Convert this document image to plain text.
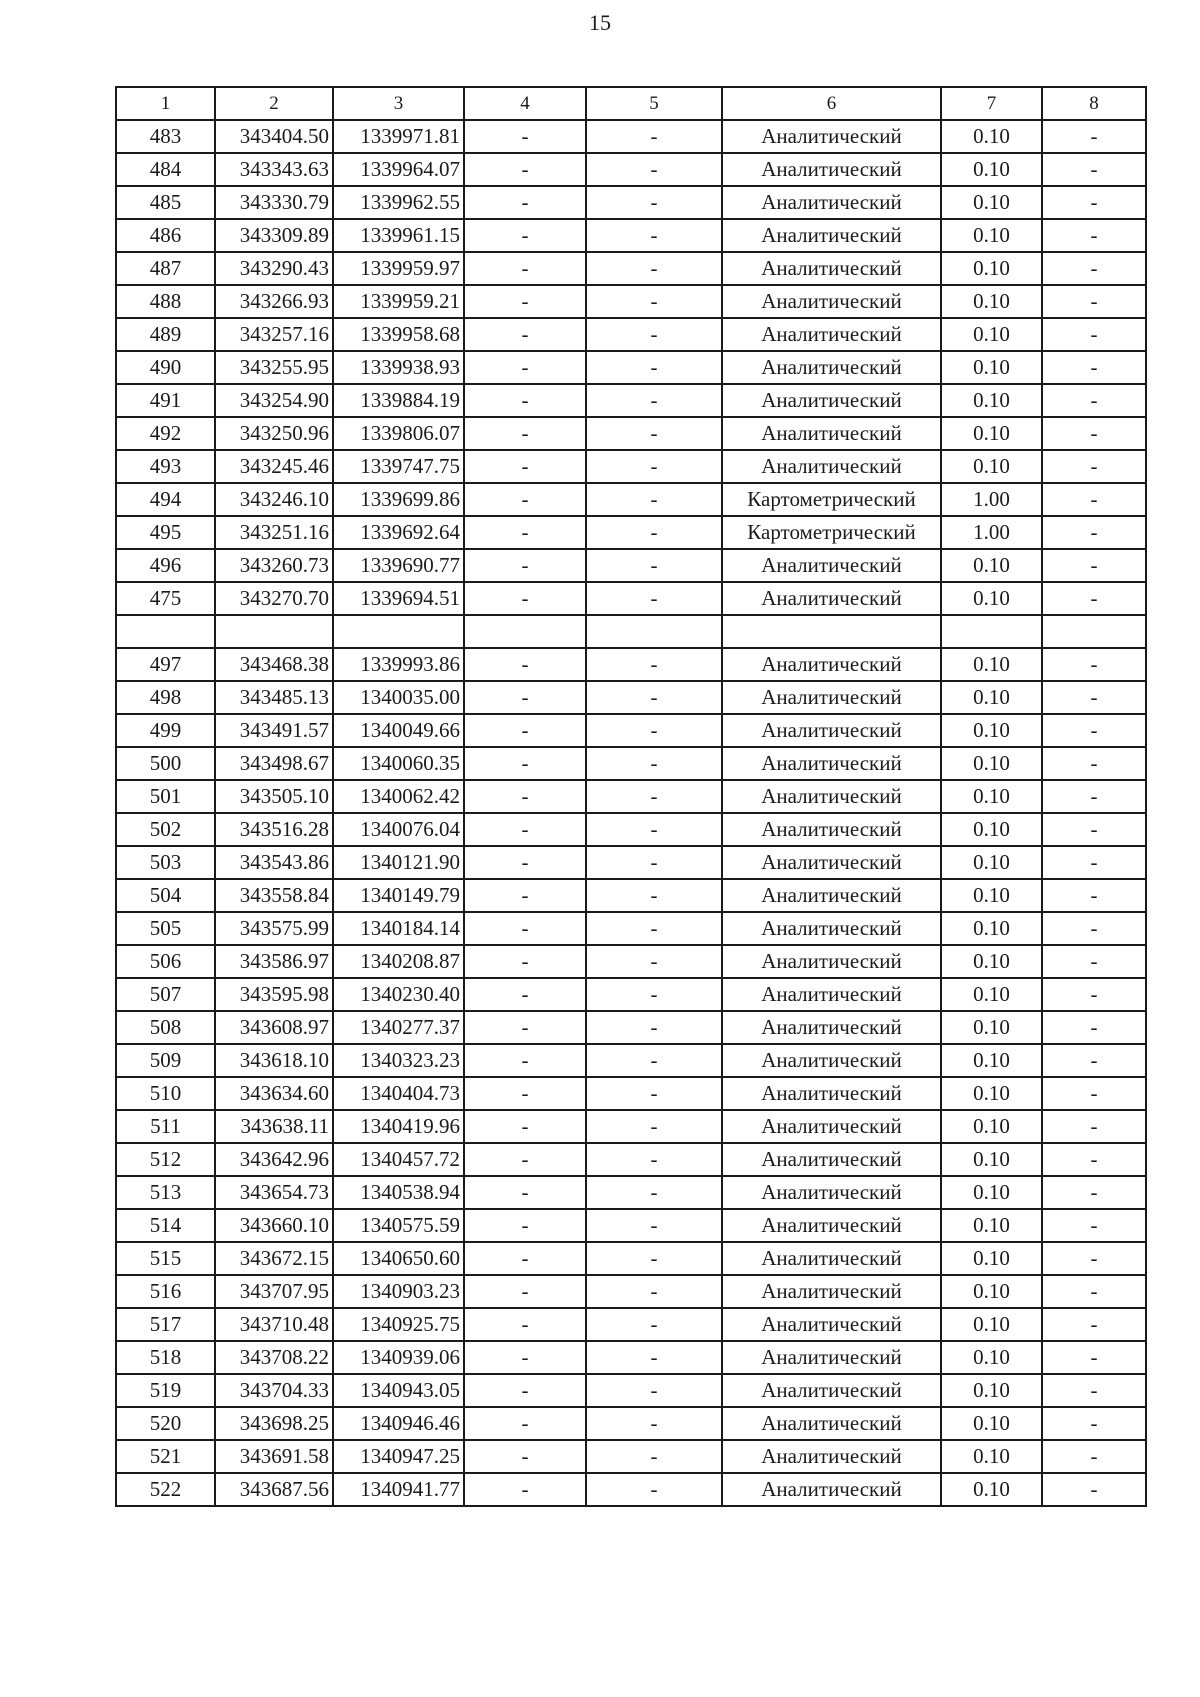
15
1	2	3	4	5	6	7	8
483	343404.50	1339971.81	-	-	Аналитический	0.10	-
484	343343.63	1339964.07	-	-	Аналитический	0.10	-
485	343330.79	1339962.55	-	-	Аналитический	0.10	-
486	343309.89	1339961.15	-	-	Аналитический	0.10	-
487	343290.43	1339959.97	-	-	Аналитический	0.10	-
488	343266.93	1339959.21	-	-	Аналитический	0.10	-
489	343257.16	1339958.68	-	-	Аналитический	0.10	-
490	343255.95	1339938.93	-	-	Аналитический	0.10	-
491	343254.90	1339884.19	-	-	Аналитический	0.10	-
492	343250.96	1339806.07	-	-	Аналитический	0.10	-
493	343245.46	1339747.75	-	-	Аналитический	0.10	-
494	343246.10	1339699.86	-	-	Картометрический	1.00	-
495	343251.16	1339692.64	-	-	Картометрический	1.00	-
496	343260.73	1339690.77	-	-	Аналитический	0.10	-
475	343270.70	1339694.51	-	-	Аналитический	0.10	-

497	343468.38	1339993.86	-	-	Аналитический	0.10	-
498	343485.13	1340035.00	-	-	Аналитический	0.10	-
499	343491.57	1340049.66	-	-	Аналитический	0.10	-
500	343498.67	1340060.35	-	-	Аналитический	0.10	-
501	343505.10	1340062.42	-	-	Аналитический	0.10	-
502	343516.28	1340076.04	-	-	Аналитический	0.10	-
503	343543.86	1340121.90	-	-	Аналитический	0.10	-
504	343558.84	1340149.79	-	-	Аналитический	0.10	-
505	343575.99	1340184.14	-	-	Аналитический	0.10	-
506	343586.97	1340208.87	-	-	Аналитический	0.10	-
507	343595.98	1340230.40	-	-	Аналитический	0.10	-
508	343608.97	1340277.37	-	-	Аналитический	0.10	-
509	343618.10	1340323.23	-	-	Аналитический	0.10	-
510	343634.60	1340404.73	-	-	Аналитический	0.10	-
511	343638.11	1340419.96	-	-	Аналитический	0.10	-
512	343642.96	1340457.72	-	-	Аналитический	0.10	-
513	343654.73	1340538.94	-	-	Аналитический	0.10	-
514	343660.10	1340575.59	-	-	Аналитический	0.10	-
515	343672.15	1340650.60	-	-	Аналитический	0.10	-
516	343707.95	1340903.23	-	-	Аналитический	0.10	-
517	343710.48	1340925.75	-	-	Аналитический	0.10	-
518	343708.22	1340939.06	-	-	Аналитический	0.10	-
519	343704.33	1340943.05	-	-	Аналитический	0.10	-
520	343698.25	1340946.46	-	-	Аналитический	0.10	-
521	343691.58	1340947.25	-	-	Аналитический	0.10	-
522	343687.56	1340941.77	-	-	Аналитический	0.10	-
